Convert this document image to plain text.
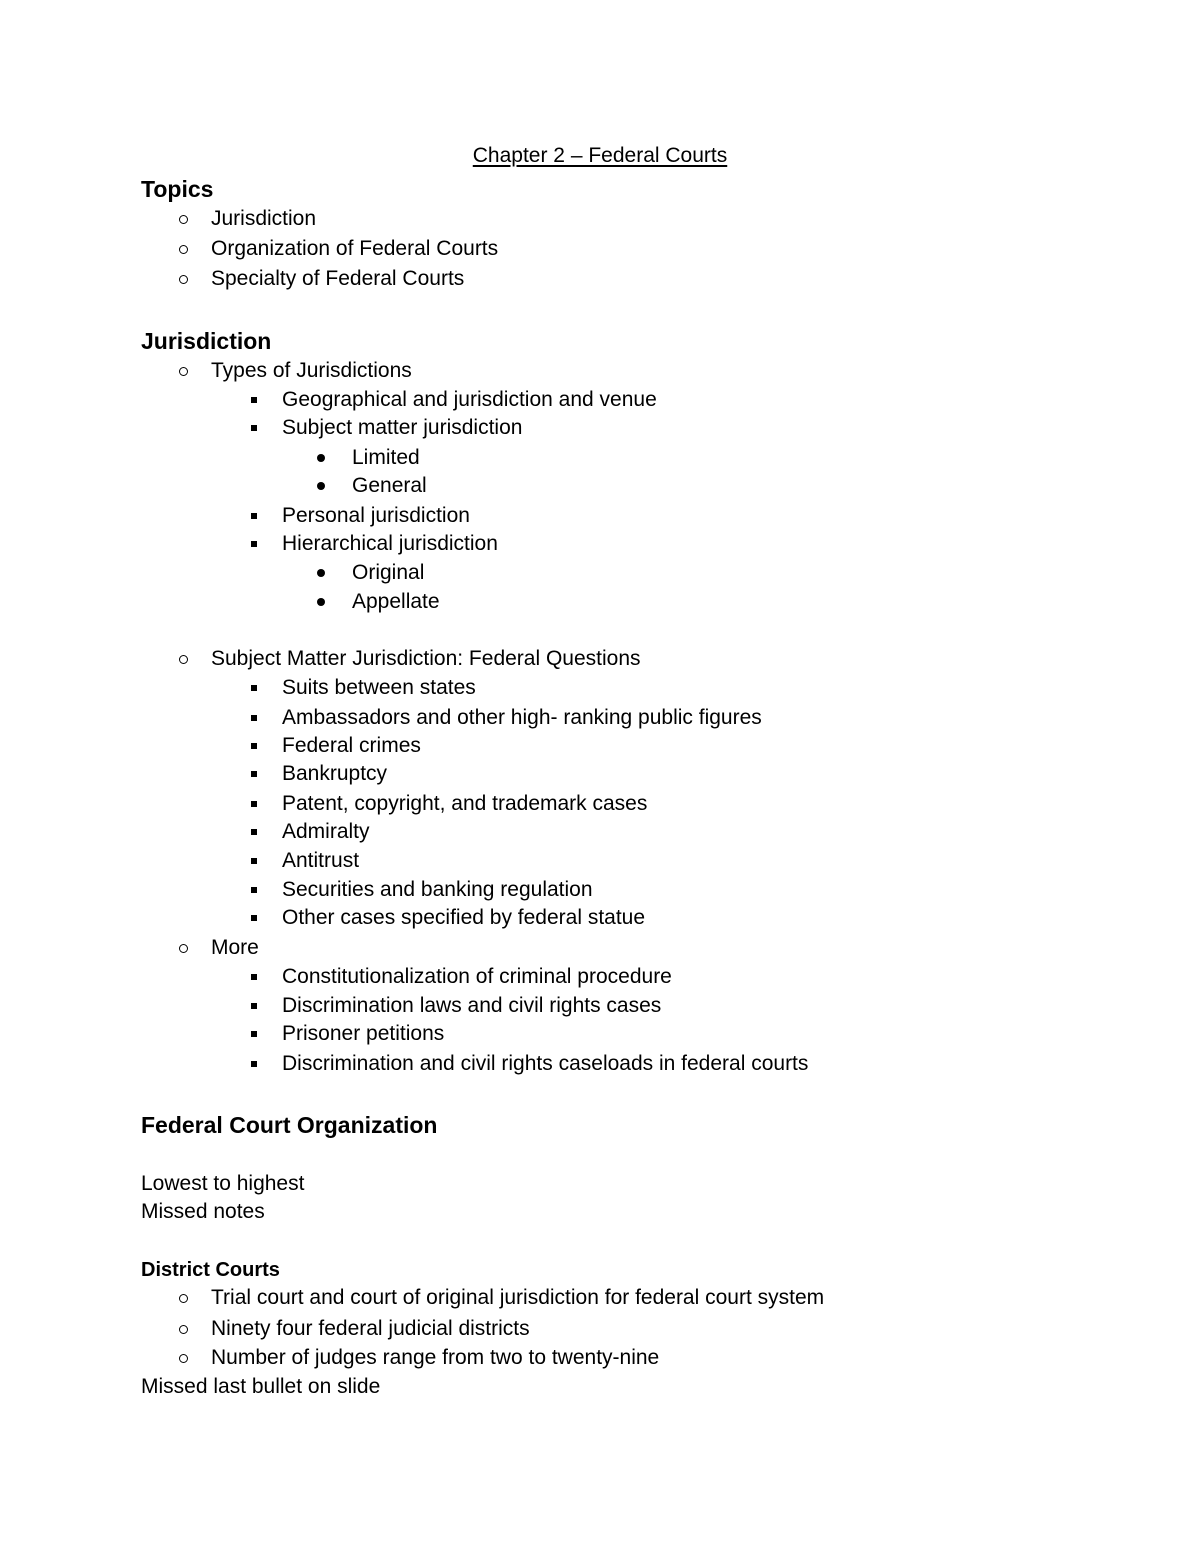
Chapter 2 – Federal Courts
Topics
Jurisdiction
Organization of Federal Courts
Specialty of Federal Courts
Jurisdiction
Types of Jurisdictions
Geographical and jurisdiction and venue
Subject matter jurisdiction
Limited
General
Personal jurisdiction
Hierarchical jurisdiction
Original
Appellate
Subject Matter Jurisdiction: Federal Questions
Suits between states
Ambassadors and other high- ranking public figures
Federal crimes
Bankruptcy
Patent, copyright, and trademark cases
Admiralty
Antitrust
Securities and banking regulation
Other cases specified by federal statue
More
Constitutionalization of criminal procedure
Discrimination laws and civil rights cases
Prisoner petitions
Discrimination and civil rights caseloads in federal courts
Federal Court Organization
Lowest to highest
Missed notes
District Courts
Trial court and court of original jurisdiction for federal court system
Ninety four federal judicial districts
Number of judges range from two to twenty-nine
Missed last bullet on slide
